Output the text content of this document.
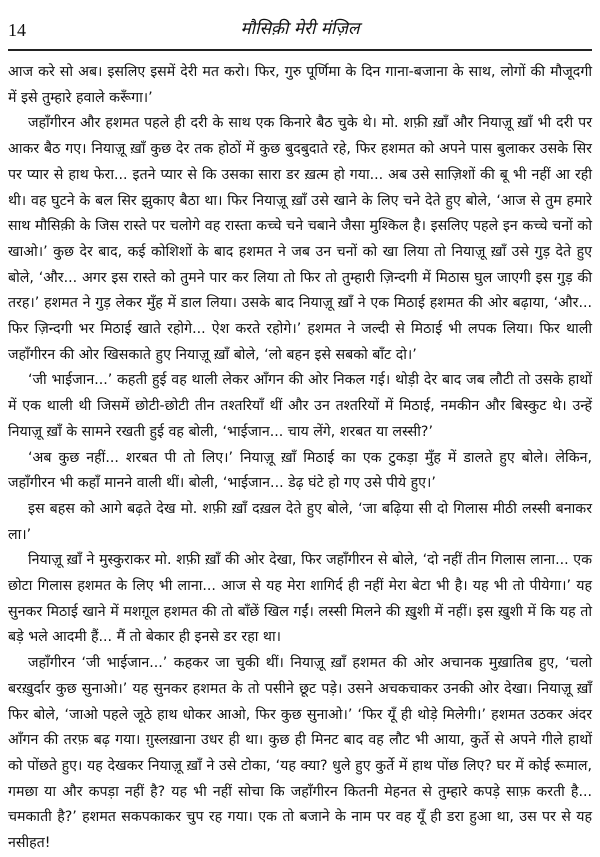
14	मौसिक़ी मेरी मंज़िल

आज करे सो अब। इसलिए इसमें देरी मत करो। फिर, गुरु पूर्णिमा के दिन गाना-बजाना के साथ, लोगों की मौजूदगी में इसे तुम्हारे हवाले करूँगा।’

जहाँगीरन और हशमत पहले ही दरी के साथ एक किनारे बैठ चुके थे। मो. शफ़ी ख़ाँ और नियाज़ू ख़ाँ भी दरी पर आकर बैठ गए। नियाज़ू ख़ाँ कुछ देर तक होठों में कुछ बुदबुदाते रहे, फिर हशमत को अपने पास बुलाकर उसके सिर पर प्यार से हाथ फेरा... इतने प्यार से कि उसका सारा डर ख़त्म हो गया... अब उसे साज़िशों की बू भी नहीं आ रही थी। वह घुटने के बल सिर झुकाए बैठा था। फिर नियाज़ू ख़ाँ उसे खाने के लिए चने देते हुए बोले, ‘आज से तुम हमारे साथ मौसिक़ी के जिस रास्ते पर चलोगे वह रास्ता कच्चे चने चबाने जैसा मुश्किल है। इसलिए पहले इन कच्चे चनों को खाओ।’ कुछ देर बाद, कई कोशिशों के बाद हशमत ने जब उन चनों को खा लिया तो नियाज़ू ख़ाँ उसे गुड़ देते हुए बोले, ‘और... अगर इस रास्ते को तुमने पार कर लिया तो फिर तो तुम्हारी ज़िन्दगी में मिठास घुल जाएगी इस गुड़ की तरह।’ हशमत ने गुड़ लेकर मुँह में डाल लिया। उसके बाद नियाज़ू ख़ाँ ने एक मिठाई हशमत की ओर बढ़ाया, ‘और... फिर ज़िन्दगी भर मिठाई खाते रहोगे... ऐश करते रहोगे।’ हशमत ने जल्दी से मिठाई भी लपक लिया। फिर थाली जहाँगीरन की ओर खिसकाते हुए नियाज़ू ख़ाँ बोले, ‘लो बहन इसे सबको बाँट दो।’

‘जी भाईजान...’ कहती हुई वह थाली लेकर आँगन की ओर निकल गई। थोड़ी देर बाद जब लौटी तो उसके हाथों में एक थाली थी जिसमें छोटी-छोटी तीन तश्तरियाँ थीं और उन तश्तरियों में मिठाई, नमकीन और बिस्कुट थे। उन्हें नियाज़ू ख़ाँ के सामने रखती हुई वह बोली, ‘भाईजान... चाय लेंगे, शरबत या लस्सी?’

‘अब कुछ नहीं... शरबत पी तो लिए।’ नियाज़ू ख़ाँ मिठाई का एक टुकड़ा मुँह में डालते हुए बोले। लेकिन, जहाँगीरन भी कहाँ मानने वाली थीं। बोली, ‘भाईजान... डेढ़ घंटे हो गए उसे पीये हुए।’

इस बहस को आगे बढ़ते देख मो. शफ़ी ख़ाँ दख़ल देते हुए बोले, ‘जा बढ़िया सी दो गिलास मीठी लस्सी बनाकर ला।’

नियाज़ू ख़ाँ ने मुस्कुराकर मो. शफ़ी ख़ाँ की ओर देखा, फिर जहाँगीरन से बोले, ‘दो नहीं तीन गिलास लाना... एक छोटा गिलास हशमत के लिए भी लाना... आज से यह मेरा शागिर्द ही नहीं मेरा बेटा भी है। यह भी तो पीयेगा।’ यह सुनकर मिठाई खाने में मशग़ूल हशमत की तो बाँछें खिल गईं। लस्सी मिलने की ख़ुशी में नहीं। इस ख़ुशी में कि यह तो बड़े भले आदमी हैं... मैं तो बेकार ही इनसे डर रहा था।

जहाँगीरन ‘जी भाईजान...’ कहकर जा चुकी थीं। नियाज़ू ख़ाँ हशमत की ओर अचानक मुख़ातिब हुए, ‘चलो बरख़ुर्दार कुछ सुनाओ।’ यह सुनकर हशमत के तो पसीने छूट पड़े। उसने अचकचाकर उनकी ओर देखा। नियाज़ू ख़ाँ फिर बोले, ‘जाओ पहले जूठे हाथ धोकर आओ, फिर कुछ सुनाओ।’ ‘फिर यूँ ही थोड़े मिलेगी।’ हशमत उठकर अंदर आँगन की तरफ़ बढ़ गया। ग़ुस्लख़ाना उधर ही था। कुछ ही मिनट बाद वह लौट भी आया, कुर्ते से अपने गीले हाथों को पोंछते हुए। यह देखकर नियाज़ू ख़ाँ ने उसे टोका, ‘यह क्या? धुले हुए कुर्ते में हाथ पोंछ लिए? घर में कोई रूमाल, गमछा या और कपड़ा नहीं है? यह भी नहीं सोचा कि जहाँगीरन कितनी मेहनत से तुम्हारे कपड़े साफ़ करती है... चमकाती है?’ हशमत सकपकाकर चुप रह गया। एक तो बजाने के नाम पर वह यूँ ही डरा हुआ था, उस पर से यह नसीहत!
